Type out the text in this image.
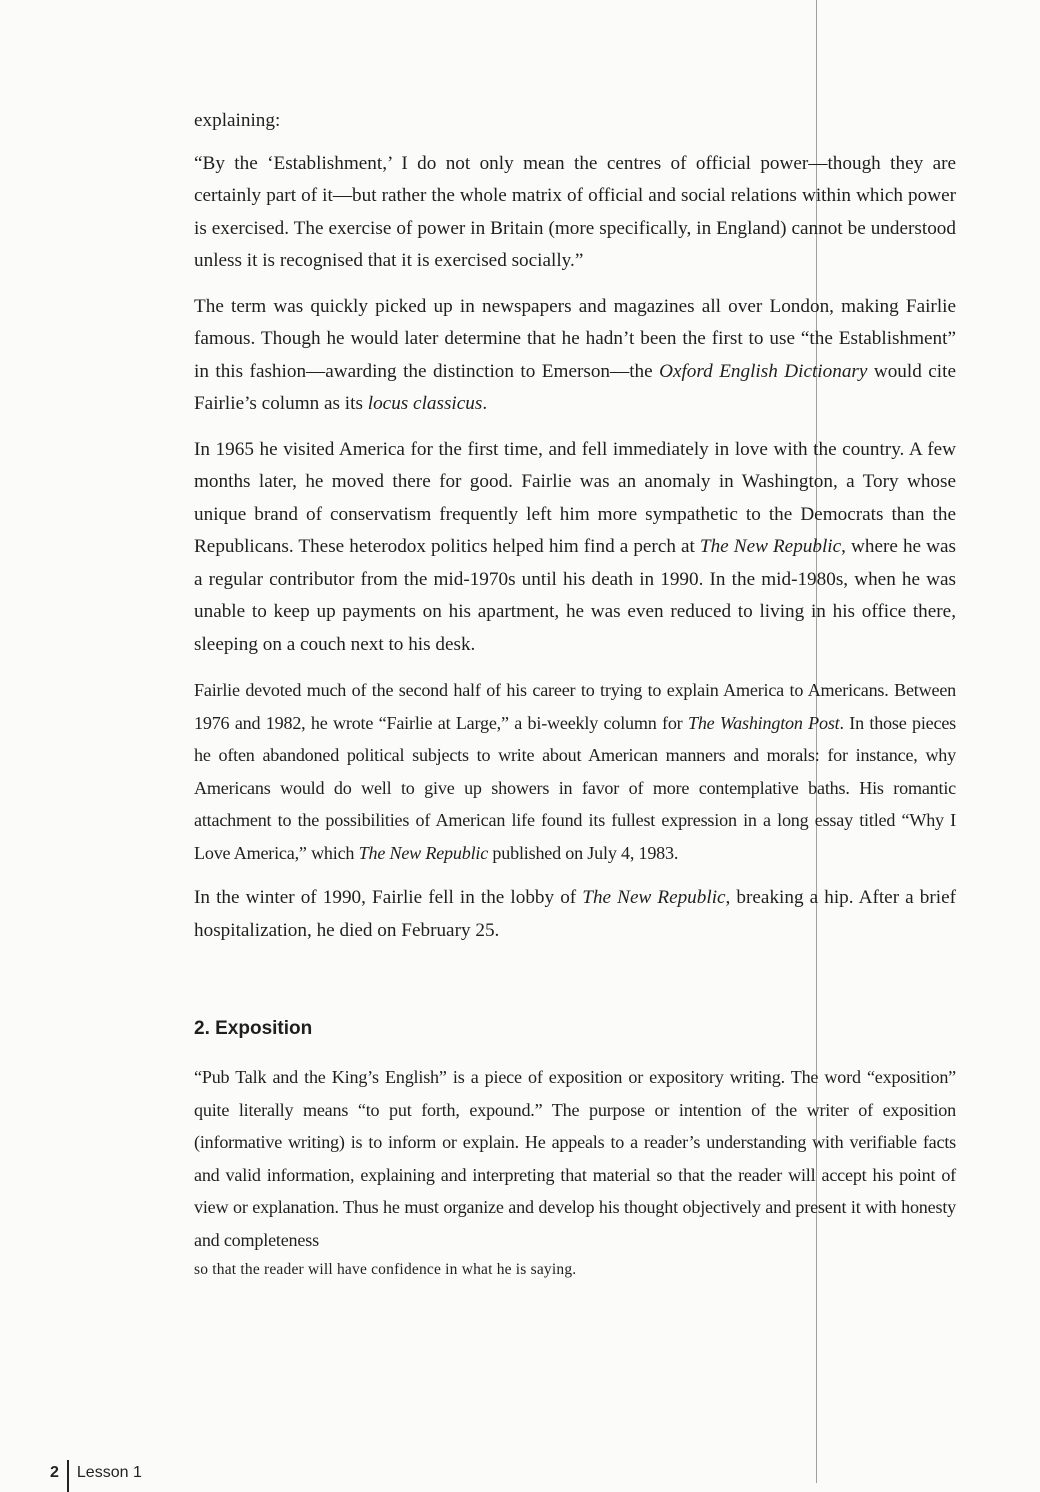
explaining:

“By the ‘Establishment,’ I do not only mean the centres of official power—though they are certainly part of it—but rather the whole matrix of official and social relations within which power is exercised. The exercise of power in Britain (more specifically, in England) cannot be understood unless it is recognised that it is exercised socially.”

The term was quickly picked up in newspapers and magazines all over London, making Fairlie famous. Though he would later determine that he hadn’t been the first to use “the Establishment” in this fashion—awarding the distinction to Emerson—the Oxford English Dictionary would cite Fairlie’s column as its locus classicus.

In 1965 he visited America for the first time, and fell immediately in love with the country. A few months later, he moved there for good. Fairlie was an anomaly in Washington, a Tory whose unique brand of conservatism frequently left him more sympathetic to the Democrats than the Republicans. These heterodox politics helped him find a perch at The New Republic, where he was a regular contributor from the mid-1970s until his death in 1990. In the mid-1980s, when he was unable to keep up payments on his apartment, he was even reduced to living in his office there, sleeping on a couch next to his desk.

Fairlie devoted much of the second half of his career to trying to explain America to Americans. Between 1976 and 1982, he wrote “Fairlie at Large,” a bi-weekly column for The Washington Post. In those pieces he often abandoned political subjects to write about American manners and morals: for instance, why Americans would do well to give up showers in favor of more contemplative baths. His romantic attachment to the possibilities of American life found its fullest expression in a long essay titled “Why I Love America,” which The New Republic published on July 4, 1983.

In the winter of 1990, Fairlie fell in the lobby of The New Republic, breaking a hip. After a brief hospitalization, he died on February 25.

2. Exposition

“Pub Talk and the King’s English” is a piece of exposition or expository writing. The word “exposition” quite literally means “to put forth, expound.” The purpose or intention of the writer of exposition (informative writing) is to inform or explain. He appeals to a reader’s understanding with verifiable facts and valid information, explaining and interpreting that material so that the reader will accept his point of view or explanation. Thus he must organize and develop his thought objectively and present it with honesty and completeness

so that the reader will have confidence in what he is saying.

2 Lesson 1
